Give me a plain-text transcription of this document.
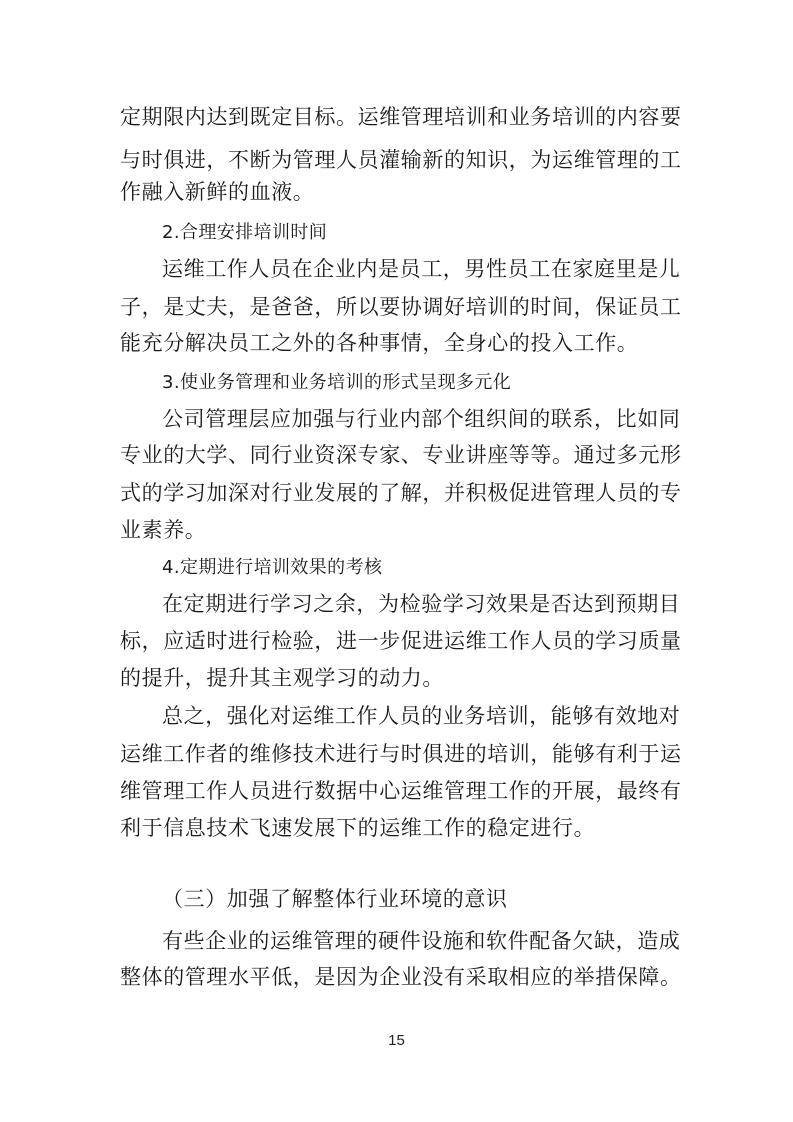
定期限内达到既定目标。运维管理培训和业务培训的内容要
与时俱进，不断为管理人员灌输新的知识，为运维管理的工
作融入新鲜的血液。
2.合理安排培训时间
运维工作人员在企业内是员工，男性员工在家庭里是儿
子，是丈夫，是爸爸，所以要协调好培训的时间，保证员工
能充分解决员工之外的各种事情，全身心的投入工作。
3.使业务管理和业务培训的形式呈现多元化
公司管理层应加强与行业内部个组织间的联系，比如同
专业的大学、同行业资深专家、专业讲座等等。通过多元形
式的学习加深对行业发展的了解，并积极促进管理人员的专
业素养。
4.定期进行培训效果的考核
在定期进行学习之余，为检验学习效果是否达到预期目
标，应适时进行检验，进一步促进运维工作人员的学习质量
的提升，提升其主观学习的动力。
总之，强化对运维工作人员的业务培训，能够有效地对
运维工作者的维修技术进行与时俱进的培训，能够有利于运
维管理工作人员进行数据中心运维管理工作的开展，最终有
利于信息技术飞速发展下的运维工作的稳定进行。
（三）加强了解整体行业环境的意识
有些企业的运维管理的硬件设施和软件配备欠缺，造成
整体的管理水平低，是因为企业没有采取相应的举措保障。
15
